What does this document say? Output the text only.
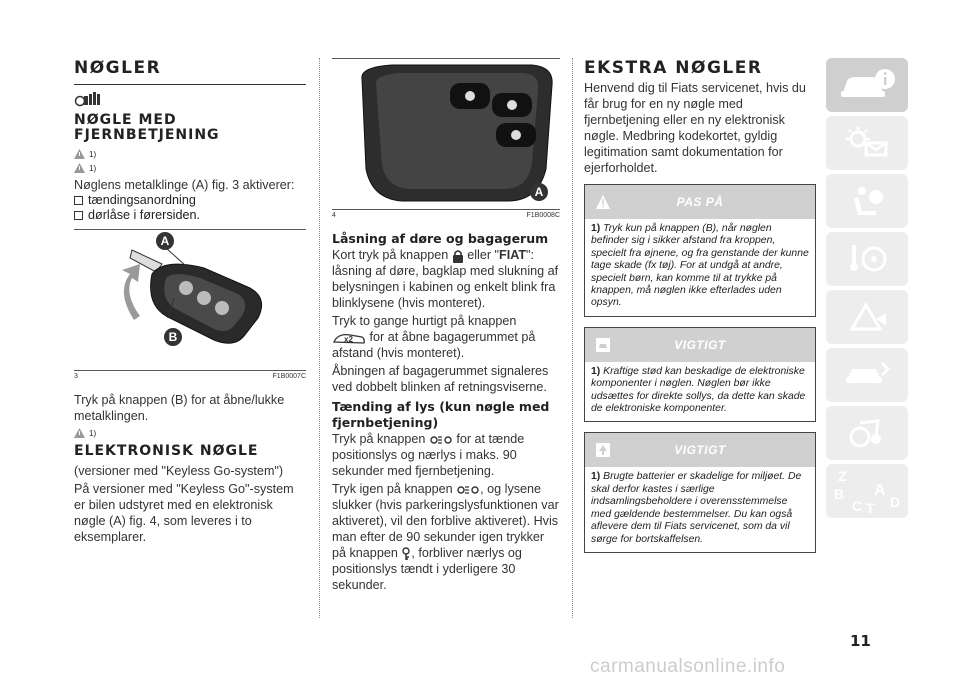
NØGLER
NØGLE MED
FJERNBETJENING
1)
1)
Nøglens metalklinge (A) fig. 3 aktiverer:
tændingsanordning
dørlåse i førersiden.
A
B
3	F1B0007C
Tryk på knappen (B) for at åbne/lukke metalklingen.
1)
ELEKTRONISK NØGLE
(versioner med "Keyless Go-system")
På versioner med "Keyless Go"-system er bilen udstyret med en elektronisk nøgle (A) fig. 4, som leveres i to eksemplarer.
A
4	F1B0008C
Låsning af døre og bagagerum
Kort tryk på knappen eller "FIAT": låsning af døre, bagklap med slukning af belysningen i kabinen og enkelt blink fra blinklysene (hvis monteret).
Tryk to gange hurtigt på knappen

x2 for at åbne bagagerummet på afstand (hvis monteret).
Åbningen af bagagerummet signaleres ved dobbelt blinken af retningsviserne.
Tænding af lys (kun nøgle med fjernbetjening)
Tryk på knappen for at tænde positionslys og nærlys i maks. 90 sekunder med fjernbetjening.
Tryk igen på knappen , og lysene slukker (hvis parkeringslysfunktionen var aktiveret), vil den forblive aktiveret). Hvis man efter de 90 sekunder igen trykker på knappen , forbliver nærlys og positionslys tændt i yderligere 30 sekunder.
EKSTRA NØGLER
Henvend dig til Fiats servicenet, hvis du får brug for en ny nøgle med fjernbetjening eller en ny elektronisk nøgle. Medbring kodekortet, gyldig legitimation samt dokumentation for ejerforholdet.
PAS PÅ
1) Tryk kun på knappen (B), når nøglen befinder sig i sikker afstand fra kroppen, specielt fra øjnene, og fra genstande der kunne tage skade (fx tøj). For at undgå at andre, specielt børn, kan komme til at trykke på knappen, må nøglen ikke efterlades uden opsyn.
VIGTIGT
1) Kraftige stød kan beskadige de elektroniske komponenter i nøglen. Nøglen bør ikke udsættes for direkte sollys, da dette kan skade de elektroniske komponenter.
VIGTIGT
1) Brugte batterier er skadelige for miljøet. De skal derfor kastes i særlige indsamlingsbeholdere i overensstemmelse med gældende bestemmelser. Du kan også aflevere dem til Fiats servicenet, som da vil sørge for bortskaffelsen.
Z
B A
C T D
11
carmanualsonline.info
